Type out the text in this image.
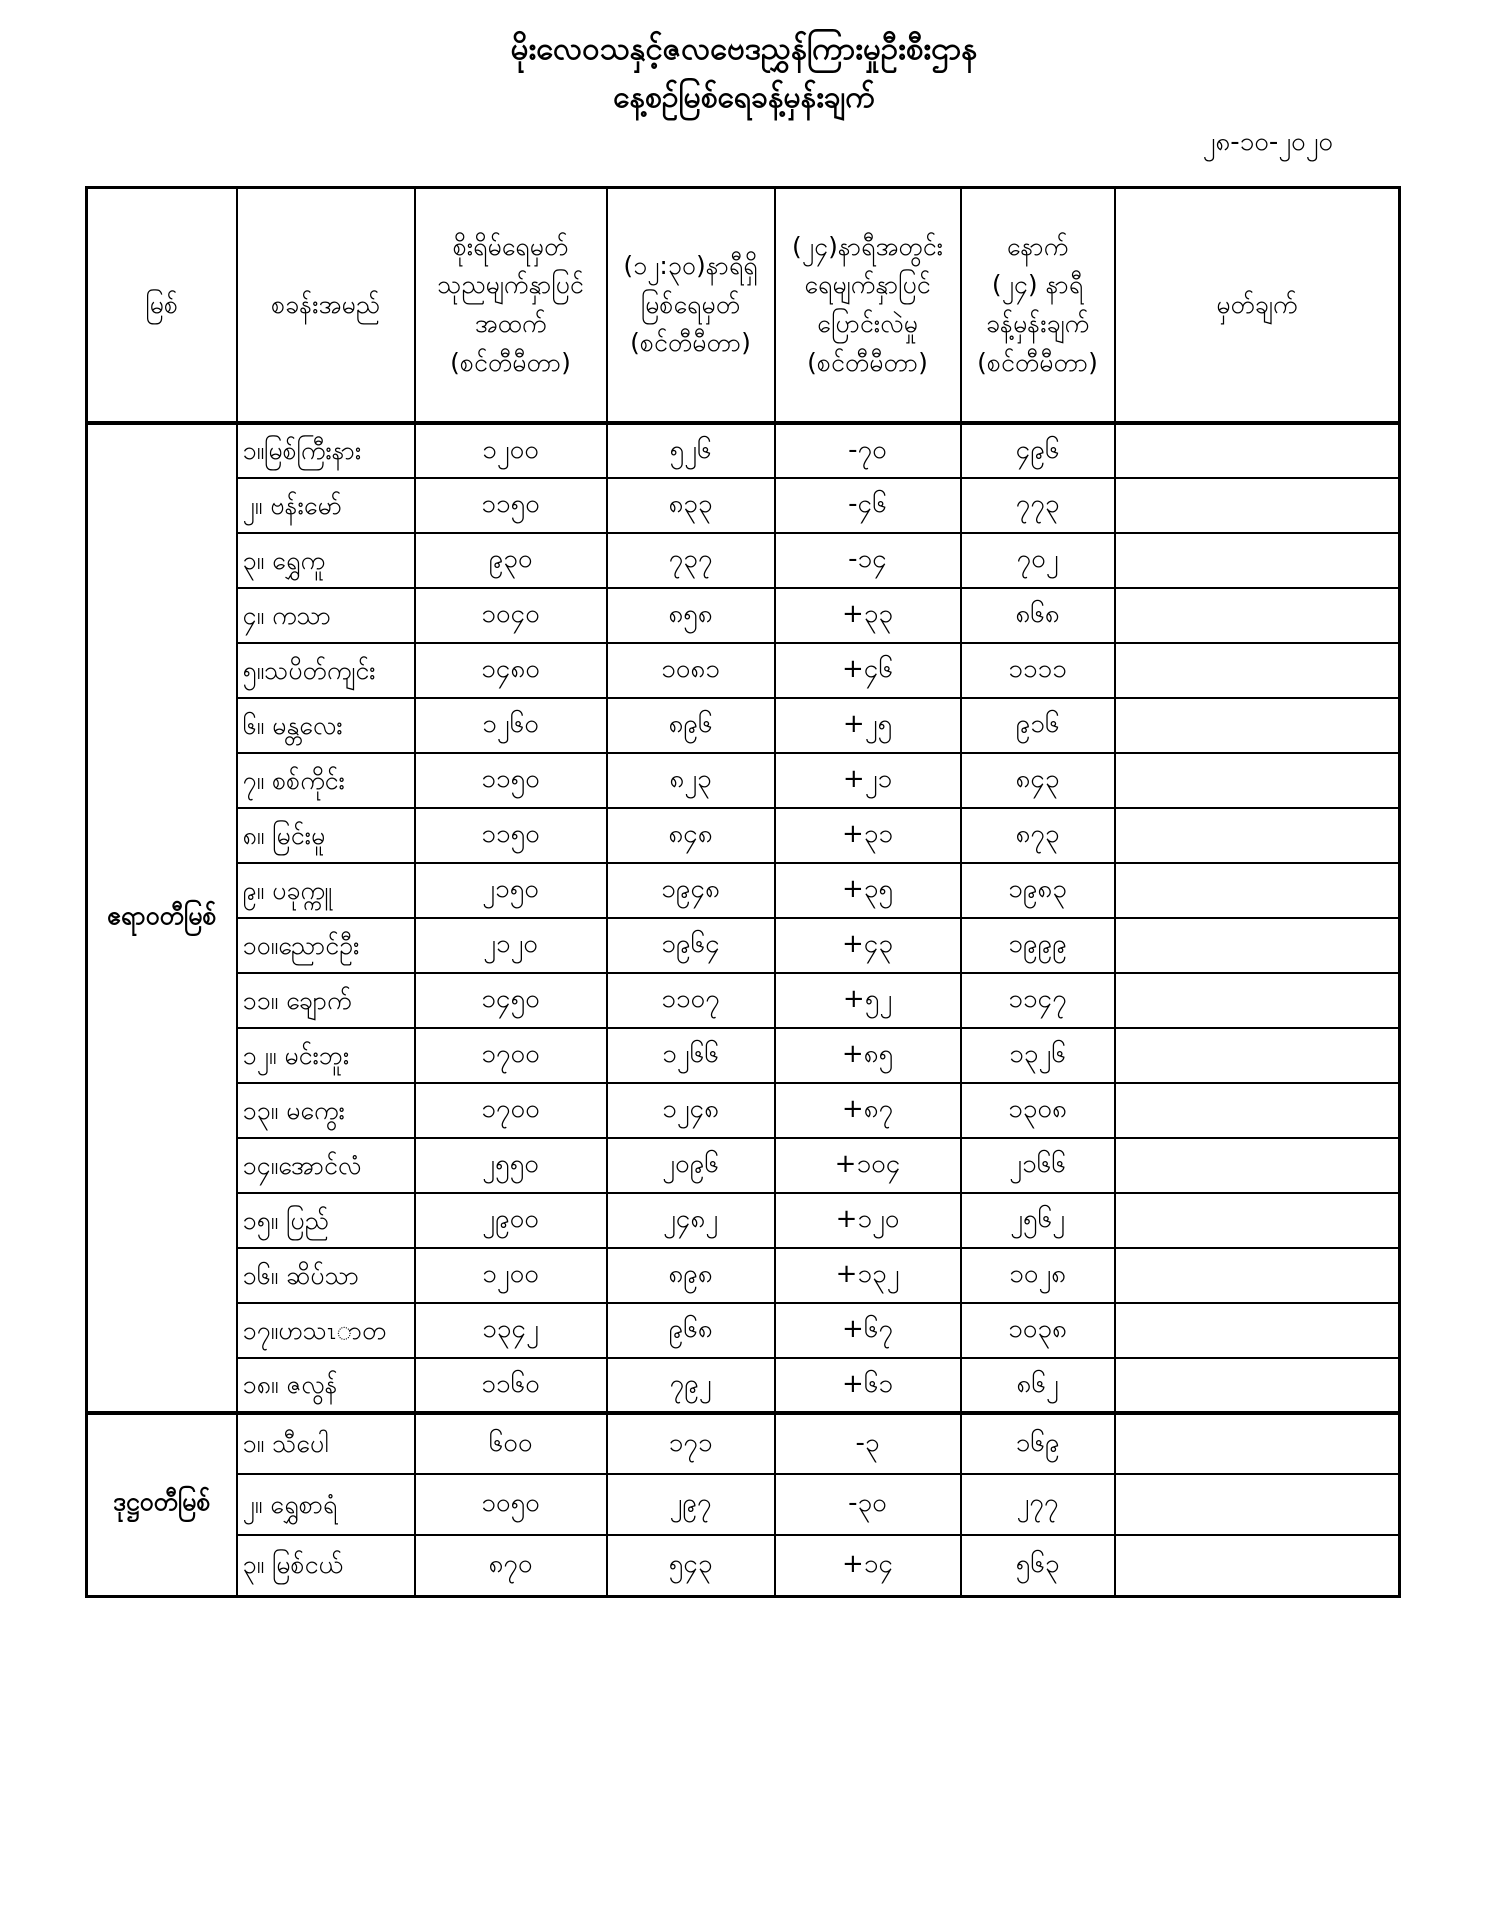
မိုးလေဝသနှင့်ဇလဗေဒညွှန်ကြားမှုဦးစီးဌာန
နေ့စဉ်မြစ်ရေခန့်မှန်းချက်
၂၈-၁၀-၂၀၂၀
မြစ်	စခန်းအမည်

စိုးရိမ်ရေမှတ်
သုညမျက်နှာပြင်
အထက်
(စင်တီမီတာ)

(၁၂:၃၀)နာရီရှိ
မြစ်ရေမှတ်
(စင်တီမီတာ)

(၂၄)နာရီအတွင်း
ရေမျက်နှာပြင်
ပြောင်းလဲမှု
(စင်တီမီတာ)

နောက်
(၂၄) နာရီ
ခန့်မှန်းချက်
(စင်တီမီတာ)

မှတ်ချက်

ဧရာဝတီမြစ်	၁။မြစ်ကြီးနား	၁၂၀၀	၅၂၆	-၇၀	၄၉၆	
	၂။ ဗန်းမော်	၁၁၅၀	၈၃၃	-၄၆	၇၇၃	
	၃။ ရွှေကူ	၉၃၀	၇၃၇	-၁၄	၇၀၂	
	၄။ ကသာ	၁၀၄၀	၈၅၈	+၃၃	၈၆၈	
	၅။သပိတ်ကျင်း	၁၄၈၀	၁၀၈၁	+၄၆	၁၁၁၁	
	၆။ မန္တလေး	၁၂၆၀	၈၉၆	+၂၅	၉၁၆	
	၇။ စစ်ကိုင်း	၁၁၅၀	၈၂၃	+၂၁	၈၄၃	
	၈။ မြင်းမူ	၁၁၅၀	၈၄၈	+၃၁	၈၇၃	
	၉။ ပခုက္ကူ	၂၁၅၀	၁၉၄၈	+၃၅	၁၉၈၃	
	၁၀။ညောင်ဦး	၂၁၂၀	၁၉၆၄	+၄၃	၁၉၉၉	
	၁၁။ ချောက်	၁၄၅၀	၁၁၀၇	+၅၂	၁၁၄၇	
	၁၂။ မင်းဘူး	၁၇၀၀	၁၂၆၆	+၈၅	၁၃၂၆	
	၁၃။ မကွေး	၁၇၀၀	၁၂၄၈	+၈၇	၁၃၀၈	
	၁၄။အောင်လံ	၂၅၅၀	၂၀၉၆	+၁၀၄	၂၁၆၆	
	၁၅။ ပြည်	၂၉၀၀	၂၄၈၂	+၁၂၀	၂၅၆၂	
	၁၆။ ဆိပ်သာ	၁၂၀၀	၈၉၈	+၁၃၂	၁၀၂၈	
	၁၇။ဟသၤာတ	၁၃၄၂	၉၆၈	+၆၇	၁၀၃၈	
	၁၈။ ဇလွန်	၁၁၆၀	၇၉၂	+၆၁	၈၆၂	
ဒုဋ္ဌဝတီမြစ်	၁။ သီပေါ	၆၀၀	၁၇၁	-၃	၁၆၉	
	၂။ ရွှေစာရံ	၁၀၅၀	၂၉၇	-၃၀	၂၇၇	
	၃။ မြစ်ငယ်	၈၇၀	၅၄၃	+၁၄	၅၆၃	
